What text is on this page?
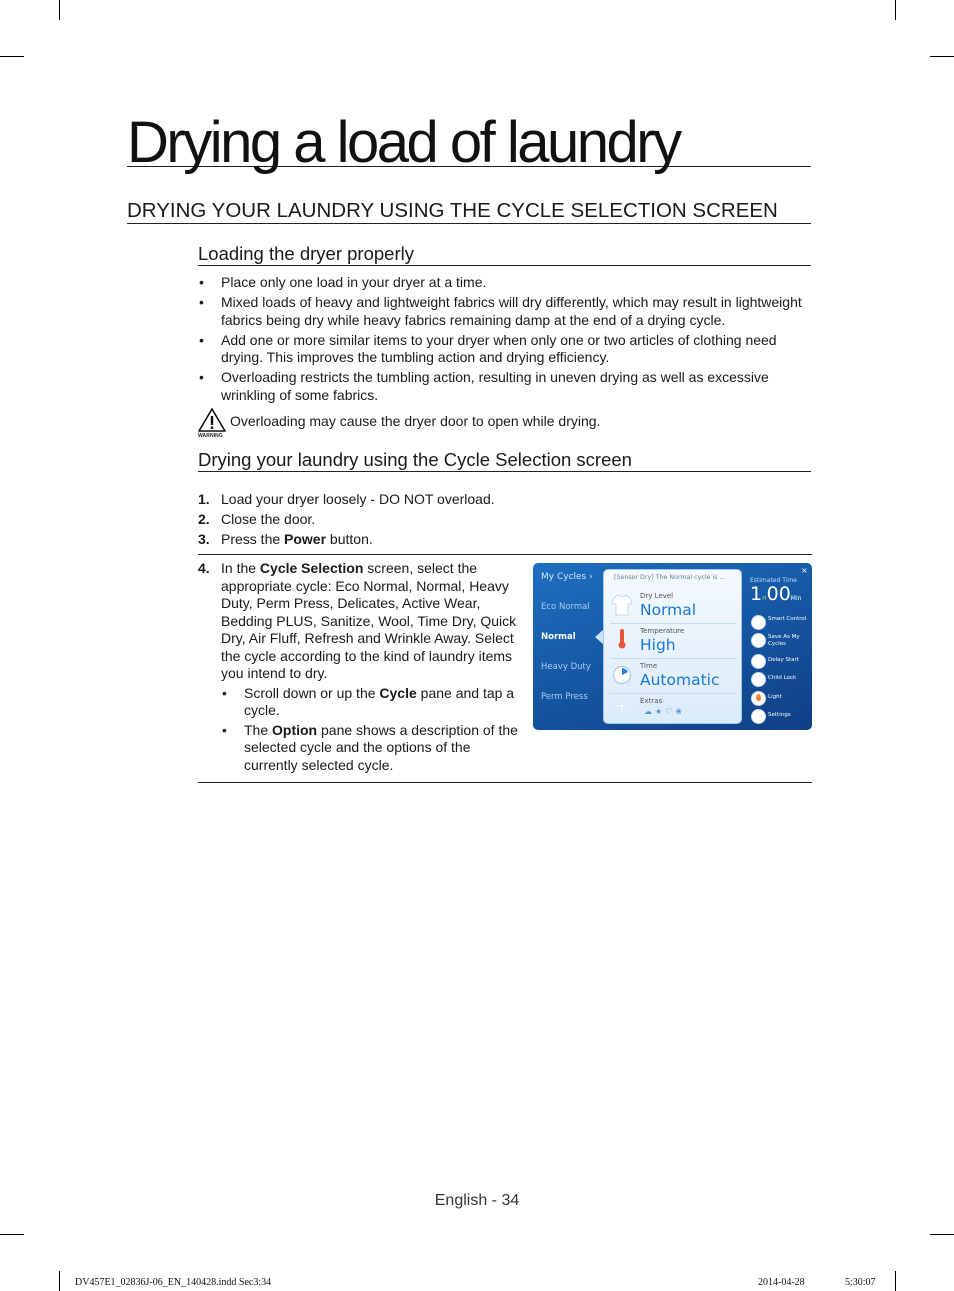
Drying a load of laundry
DRYING YOUR LAUNDRY USING THE CYCLE SELECTION SCREEN
Loading the dryer properly
• Place only one load in your dryer at a time.
• Mixed loads of heavy and lightweight fabrics will dry differently, which may result in lightweight fabrics being dry while heavy fabrics remaining damp at the end of a drying cycle.
• Add one or more similar items to your dryer when only one or two articles of clothing need drying. This improves the tumbling action and drying efficiency.
• Overloading restricts the tumbling action, resulting in uneven drying as well as excessive wrinkling of some fabrics.
WARNING
Overloading may cause the dryer door to open while drying.
Drying your laundry using the Cycle Selection screen
1. Load your dryer loosely - DO NOT overload.
2. Close the door.
3. Press the Power button.
4. In the Cycle Selection screen, select the appropriate cycle: Eco Normal, Normal, Heavy Duty, Perm Press, Delicates, Active Wear, Bedding PLUS, Sanitize, Wool, Time Dry, Quick Dry, Air Fluff, Refresh and Wrinkle Away. Select the cycle according to the kind of laundry items you intend to dry.
• Scroll down or up the Cycle pane and tap a cycle.
• The Option pane shows a description of the selected cycle and the options of the currently selected cycle.
My Cycles ›
Eco Normal
Normal
Heavy Duty
Perm Press
[Sensor Dry] The Normal cycle is ...
Dry Level
Normal
Temperature
High
Time
Automatic
+ Extras
☁★♡❀
×
Estimated Time
1H00Min
Smart Control
Save As My Cycles
Delay Start
Child Lock
Light
Settings
English - 34
DV457E1_02836J-06_EN_140428.indd Sec3:34	2014-04-28	5:30:07
